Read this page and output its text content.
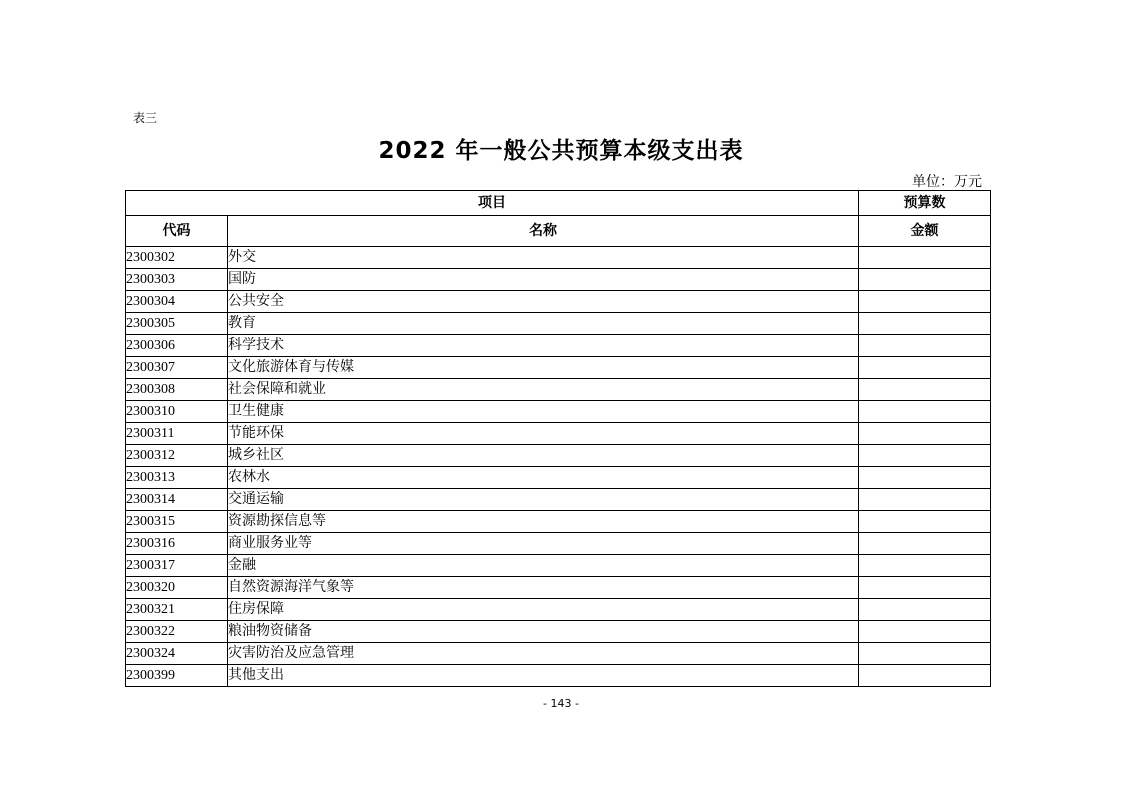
表三
2022 年一般公共预算本级支出表
单位：万元
项目		预算数
代码	名称	金额
2300302	外交	
2300303	国防	
2300304	公共安全	
2300305	教育	
2300306	科学技术	
2300307	文化旅游体育与传媒	
2300308	社会保障和就业	
2300310	卫生健康	
2300311	节能环保	
2300312	城乡社区	
2300313	农林水	
2300314	交通运输	
2300315	资源勘探信息等	
2300316	商业服务业等	
2300317	金融	
2300320	自然资源海洋气象等	
2300321	住房保障	
2300322	粮油物资储备	
2300324	灾害防治及应急管理	
2300399	其他支出	
- 143 -
